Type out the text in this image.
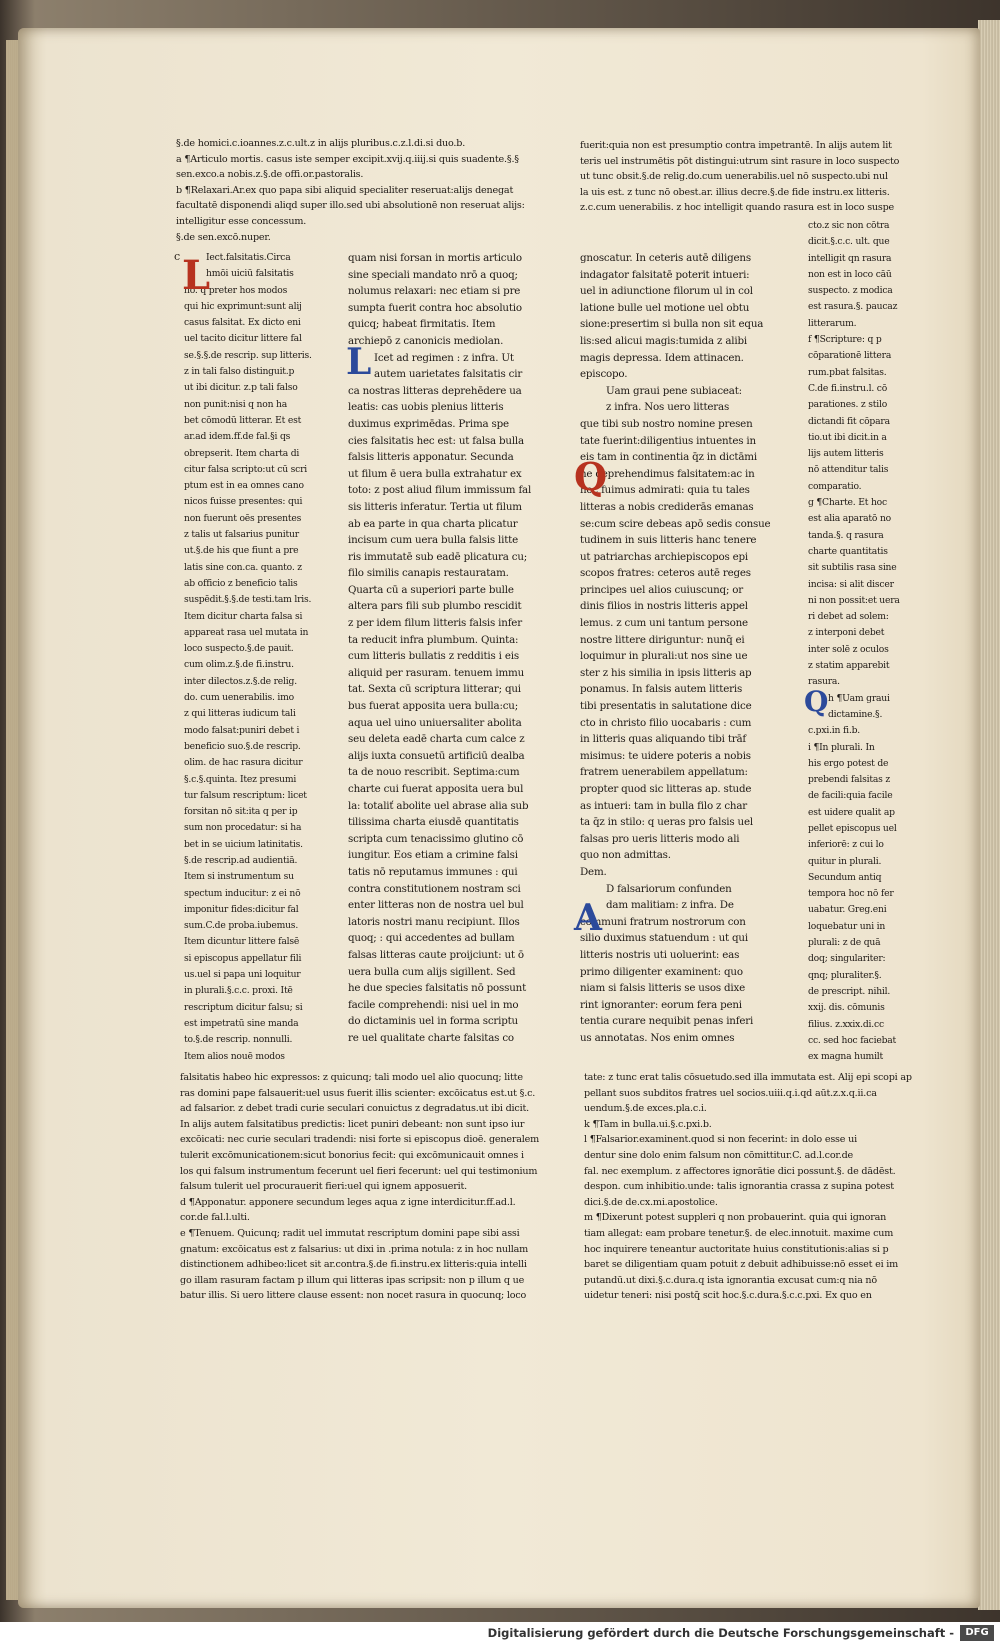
§.de homici.c.ioannes.z.c.ult.z in alijs pluribus.c.z.l.di.si duo.b.
a ¶Articulo mortis. casus iste semper excipit.xvij.q.iiij.si quis suadente.§.§
sen.exco.a nobis.z.§.de offi.or.pastoralis.
b ¶Relaxari.Ar.ex quo papa sibi aliquid specialiter reseruat:alijs denegat
facultatē disponendi aliqd super illo.sed ubi absolutionē non reseruat alijs:
intelligitur esse concessum.
§.de sen.excō.nuper.
Iect.falsitatis.Circa
hmōi uiciū falsitatis
no. q preter hos modos
qui hic exprimunt:sunt alij
casus falsitat. Ex dicto eni
uel tacito dicitur littere fal
se.§.§.de rescrip. sup litteris.
z in tali falso distinguit.p
ut ibi dicitur. z.p tali falso
non punit:nisi q non ha
bet cōmodū litterar. Et est
ar.ad idem.ff.de fal.§i qs
obrepserit. Item charta di
citur falsa scripto:ut cū scri
ptum est in ea omnes cano
nicos fuisse presentes: qui
non fuerunt oēs presentes
z talis ut falsarius punitur
ut.§.de his que fiunt a pre
latis sine con.ca. quanto. z
ab officio z beneficio talis
suspēdit.§.§.de testi.tam lris.
Item dicitur charta falsa si
appareat rasa uel mutata in
loco suspecto.§.de pauit.
cum olim.z.§.de fi.instru.
inter dilectos.z.§.de relig.
do. cum uenerabilis. imo
z qui litteras iudicum tali
modo falsat:puniri debet i
beneficio suo.§.de rescrip.
olim. de hac rasura dicitur
§.c.§.quinta. Itez presumi
tur falsum rescriptum: licet
forsitan nō sit:ita q per ip
sum non procedatur: si ha
bet in se uicium latinitatis.
§.de rescrip.ad audientiā.
Item si instrumentum su
spectum inducitur: z ei nō
imponitur fides:dicitur fal
sum.C.de proba.iubemus.
Item dicuntur littere falsē
si episcopus appellatur fili
us.uel si papa uni loquitur
in plurali.§.c.c. proxi. Itē
rescriptum dicitur falsu; si
est impetratū sine manda
to.§.de rescrip. nonnulli.
Item alios nouē modos
L
c	quam nisi forsan in mortis articulo
sine speciali mandato nrō a quoq;
nolumus relaxari: nec etiam si pre
sumpta fuerit contra hoc absolutio
quicq; habeat firmitatis. Item
archiepō z canonicis mediolan.
Icet ad regimen : z infra. Ut
autem uarietates falsitatis cir
ca nostras litteras deprehēdere ua
leatis: cas uobis plenius litteris
duximus exprimēdas. Prima spe
cies falsitatis hec est: ut falsa bulla
falsis litteris apponatur. Secunda
ut filum ē uera bulla extrahatur ex
toto: z post aliud filum immissum fal
sis litteris inferatur. Tertia ut filum
ab ea parte in qua charta plicatur
incisum cum uera bulla falsis litte
ris immutatē sub eadē plicatura cu;
filo similis canapis restauratam.
Quarta cū a superiori parte bulle
altera pars fili sub plumbo rescidit
z per idem filum litteris falsis infer
ta reducit infra plumbum. Quinta:
cum litteris bullatis z redditis i eis
aliquid per rasuram. tenuem immu
tat. Sexta cū scriptura litterar; qui
bus fuerat apposita uera bulla:cu;
aqua uel uino uniuersaliter abolita
seu deleta eadē charta cum calce z
alijs iuxta consuetū artificiū dealba
ta de nouo rescribit. Septima:cum
charte cui fuerat apposita uera bul
la: totaliť abolite uel abrase alia sub
tilissima charta eiusdē quantitatis
scripta cum tenacissimo glutino cō
iungitur. Eos etiam a crimine falsi
tatis nō reputamus immunes : qui
contra constitutionem nostram sci
enter litteras non de nostra uel bul
latoris nostri manu recipiunt. Illos
quoq; : qui accedentes ad bullam
falsas litteras caute proijciunt: ut ō
uera bulla cum alijs sigillent. Sed
he due species falsitatis nō possunt
facile comprehendi: nisi uel in mo
do dictaminis uel in forma scriptu
re uel qualitate charte falsitas co
L
fuerit:quia non est presumptio contra impetrantē. In alijs autem lit
teris uel instrumētis pōt distingui:utrum sint rasure in loco suspecto
ut tunc obsit.§.de relig.do.cum uenerabilis.uel nō suspecto.ubi nul
la uis est. z tunc nō obest.ar. illius decre.§.de fide instru.ex litteris.
z.c.cum uenerabilis. z hoc intelligit quando rasura est in loco suspe
gnoscatur. In ceteris autē diligens
indagator falsitatē poterit intueri:
uel in adiunctione filorum ul in col
latione bulle uel motione uel obtu
sione:presertim si bulla non sit equa
lis:sed alicui magis:tumida z alibi
magis depressa. Idem attinacen.
episcopo.
Uam graui pene subiaceat:
z infra. Nos uero litteras
que tibi sub nostro nomine presen
tate fuerint:diligentius intuentes in
eis tam in continentia q̄z in dictāmi
ne deprehendimus falsitatem:ac in
hoc fuimus admirati: quia tu tales
litteras a nobis crediderās emanas
se:cum scire debeas apō sedis consue
tudinem in suis litteris hanc tenere
ut patriarchas archiepiscopos epi
scopos fratres: ceteros autē reges
principes uel alios cuiuscunq; or
dinis filios in nostris litteris appel
lemus. z cum uni tantum persone
nostre littere diriguntur: nunq̄ ei
loquimur in plurali:ut nos sine ue
ster z his similia in ipsis litteris ap
ponamus. In falsis autem litteris
tibi presentatis in salutatione dice
cto in christo filio uocabaris : cum
in litteris quas aliquando tibi trāf
misimus: te uidere poteris a nobis
fratrem uenerabilem appellatum:
propter quod sic litteras ap. stude
as intueri: tam in bulla filo z char
ta q̄z in stilo: q ueras pro falsis uel
falsas pro ueris litteris modo ali
quo non admittas.
Dem.
D falsariorum confunden
dam malitiam: z infra. De
communi fratrum nostrorum con
silio duximus statuendum : ut qui
litteris nostris uti uoluerint: eas
primo diligenter examinent: quo
niam si falsis litteris se usos dixe
rint ignoranter: eorum fera peni
tentia curare nequibit penas inferi
us annotatas. Nos enim omnes
Q
A
cto.z sic non cōtra
dicit.§.c.c. ult. que
intelligit qn rasura
non est in loco cāū
suspecto. z modica
est rasura.§. paucaz
litterarum.
f ¶Scripture: q p
cōparationē littera
rum.pbat falsitas.
C.de fi.instru.l. cō
parationes. z stilo
dictandi fit cōpara
tio.ut ibi dicit.in a
lijs autem litteris
nō attenditur talis
comparatio.
g ¶Charte. Et hoc
est alia aparatō no
tanda.§. q rasura
charte quantitatis
sit subtilis rasa sine
incisa: si alit discer
ni non possit:et uera
ri debet ad solem:
z interponi debet
inter solē z oculos
z statim apparebit
rasura.
h ¶Uam graui
dictamine.§.
c.pxi.in fi.b.
i ¶In plurali. In
his ergo potest de
prebendi falsitas z
de facili:quia facile
est uidere qualit ap
pellet episcopus uel
inferiorē: z cui lo
quitur in plurali.
Secundum antiq
tempora hoc nō fer
uabatur. Greg.eni
loquebatur uni in
plurali: z de quā
doq; singulariter:
qnq; pluraliter.§.
de prescript. nihil.
xxij. dis. cōmunis
filius. z.xxix.di.cc
cc. sed hoc faciebat
ex magna humilt
Q
falsitatis habeo hic expressos: z quicunq; tali modo uel alio quocunq; litte
ras domini pape falsauerit:uel usus fuerit illis scienter: excōicatus est.ut §.c.
ad falsarior. z debet tradi curie seculari conuictus z degradatus.ut ibi dicit.
In alijs autem falsitatibus predictis: licet puniri debeant: non sunt ipso iur
excōicati: nec curie seculari tradendi: nisi forte si episcopus dioē. generalem
tulerit excōmunicationem:sicut bonorius fecit: qui excōmunicauit omnes i
los qui falsum instrumentum fecerunt uel fieri fecerunt: uel qui testimonium
falsum tulerit uel procurauerit fieri:uel qui ignem apposuerit.
d ¶Apponatur. apponere secundum leges aqua z igne interdicitur.ff.ad.l.
cor.de fal.l.ulti.
e ¶Tenuem. Quicunq; radit uel immutat rescriptum domini pape sibi assi
gnatum: excōicatus est z falsarius: ut dixi in .prima notula: z in hoc nullam
distinctionem adhibeo:licet sit ar.contra.§.de fi.instru.ex litteris:quia intelli
go illam rasuram factam p illum qui litteras ipas scripsit: non p illum q ue
batur illis. Si uero littere clause essent: non nocet rasura in quocunq; loco
tate: z tunc erat talis cōsuetudo.sed illa immutata est. Alij epi scopi ap
pellant suos subditos fratres uel socios.uiii.q.i.qd aūt.z.x.q.ii.ca
uendum.§.de exces.pla.c.i.
k ¶Tam in bulla.ui.§.c.pxi.b.
l ¶Falsarior.examinent.quod si non fecerint: in dolo esse ui
dentur sine dolo enim falsum non cōmittitur.C. ad.l.cor.de
fal. nec exemplum. z affectores ignorātie dici possunt.§. de dādēst.
despon. cum inhibitio.unde: talis ignorantia crassa z supina potest
dici.§.de de.cx.mi.apostolice.
m ¶Dixerunt potest suppleri q non probauerint. quia qui ignoran
tiam allegat: eam probare tenetur.§. de elec.innotuit. maxime cum
hoc inquirere teneantur auctoritate huius constitutionis:alias si p
baret se diligentiam quam potuit z debuit adhibuisse:nō esset ei im
putandū.ut dixi.§.c.dura.q ista ignorantia excusat cum:q nia nō
uidetur teneri: nisi postq̄ scit hoc.§.c.dura.§.c.c.pxi. Ex quo en
Digitalisierung gefördert durch die Deutsche Forschungsgemeinschaft -	DFG
